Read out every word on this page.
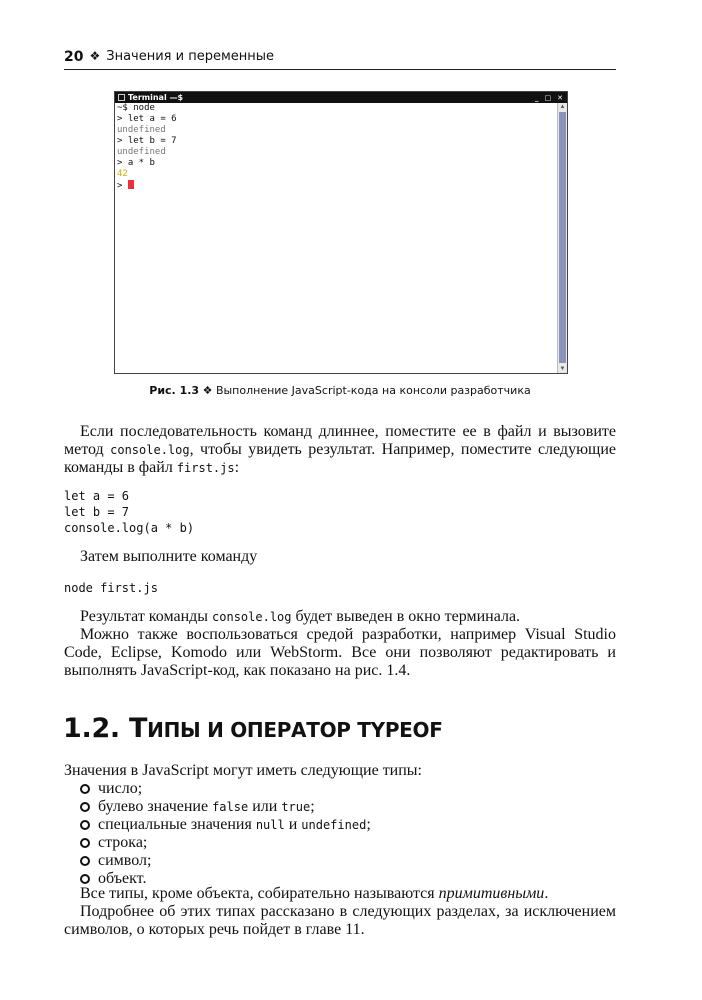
20 ❖ Значения и переменные
Terminal —$	_ □ ✕
~$ node
> let a = 6
undefined
> let b = 7
undefined
> a * b
42
>
▲
▼
Рис. 1.3 ❖ Выполнение JavaScript-кода на консоли разработчика
Если последовательность команд длиннее, поместите ее в файл и вызовите метод console.log, чтобы увидеть результат. Например, поместите следующие команды в файл first.js:
let a = 6
let b = 7
console.log(a * b)
Затем выполните команду
node first.js
Результат команды console.log будет выведен в окно терминала.
Можно также воспользоваться средой разработки, например Visual Studio Code, Eclipse, Komodo или WebStorm. Все они позволяют редактировать и выполнять JavaScript-код, как показано на рис. 1.4.
1.2. ТИПЫ И ОПЕРАТОР TYPEOF
Значения в JavaScript могут иметь следующие типы:
число;
булево значение false или true;
специальные значения null и undefined;
строка;
символ;
объект.
Все типы, кроме объекта, собирательно называются примитивными.
Подробнее об этих типах рассказано в следующих разделах, за исключением символов, о которых речь пойдет в главе 11.
